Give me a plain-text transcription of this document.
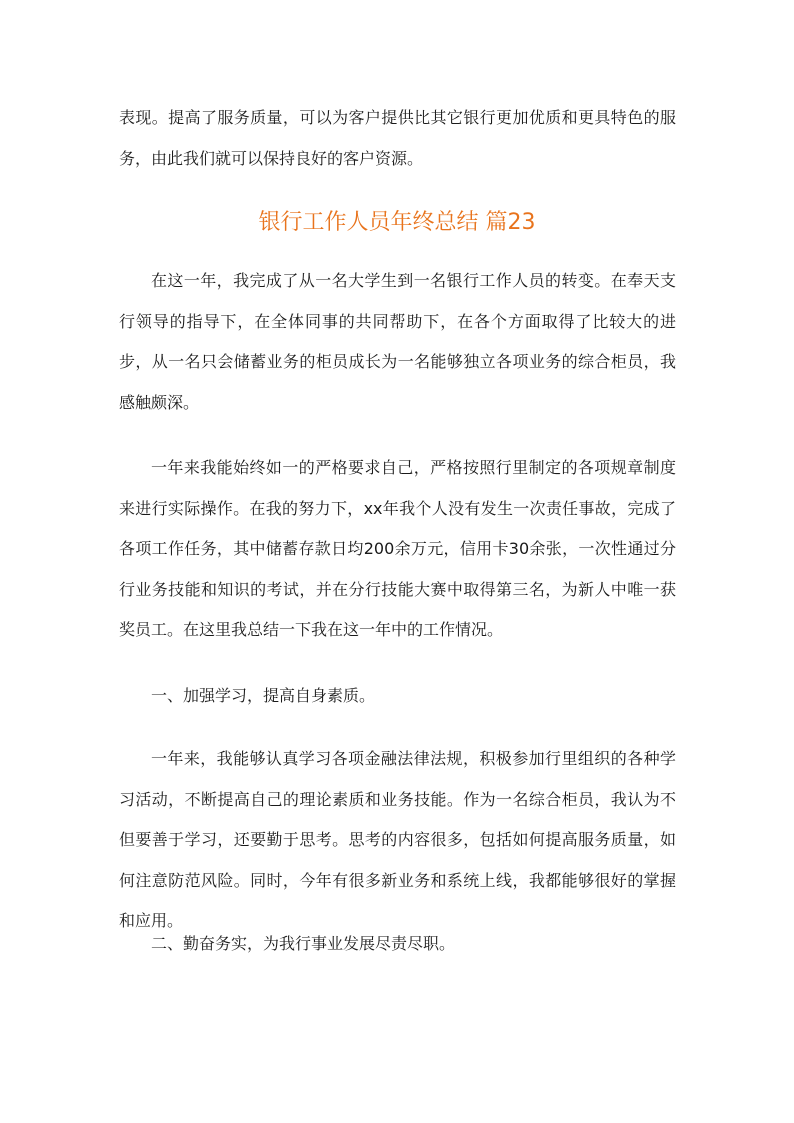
表现。提高了服务质量，可以为客户提供比其它银行更加优质和更具特色的服务，由此我们就可以保持良好的客户资源。

银行工作人员年终总结 篇23

在这一年，我完成了从一名大学生到一名银行工作人员的转变。在奉天支行领导的指导下，在全体同事的共同帮助下，在各个方面取得了比较大的进步，从一名只会储蓄业务的柜员成长为一名能够独立各项业务的综合柜员，我感触颇深。

一年来我能始终如一的严格要求自己，严格按照行里制定的各项规章制度来进行实际操作。在我的努力下，xx年我个人没有发生一次责任事故，完成了各项工作任务，其中储蓄存款日均200余万元，信用卡30余张，一次性通过分行业务技能和知识的考试，并在分行技能大赛中取得第三名，为新人中唯一获奖员工。在这里我总结一下我在这一年中的工作情况。

一、加强学习，提高自身素质。

一年来，我能够认真学习各项金融法律法规，积极参加行里组织的各种学习活动，不断提高自己的理论素质和业务技能。作为一名综合柜员，我认为不但要善于学习，还要勤于思考。思考的内容很多，包括如何提高服务质量，如何注意防范风险。同时，今年有很多新业务和系统上线，我都能够很好的掌握和应用。

二、勤奋务实，为我行事业发展尽责尽职。
